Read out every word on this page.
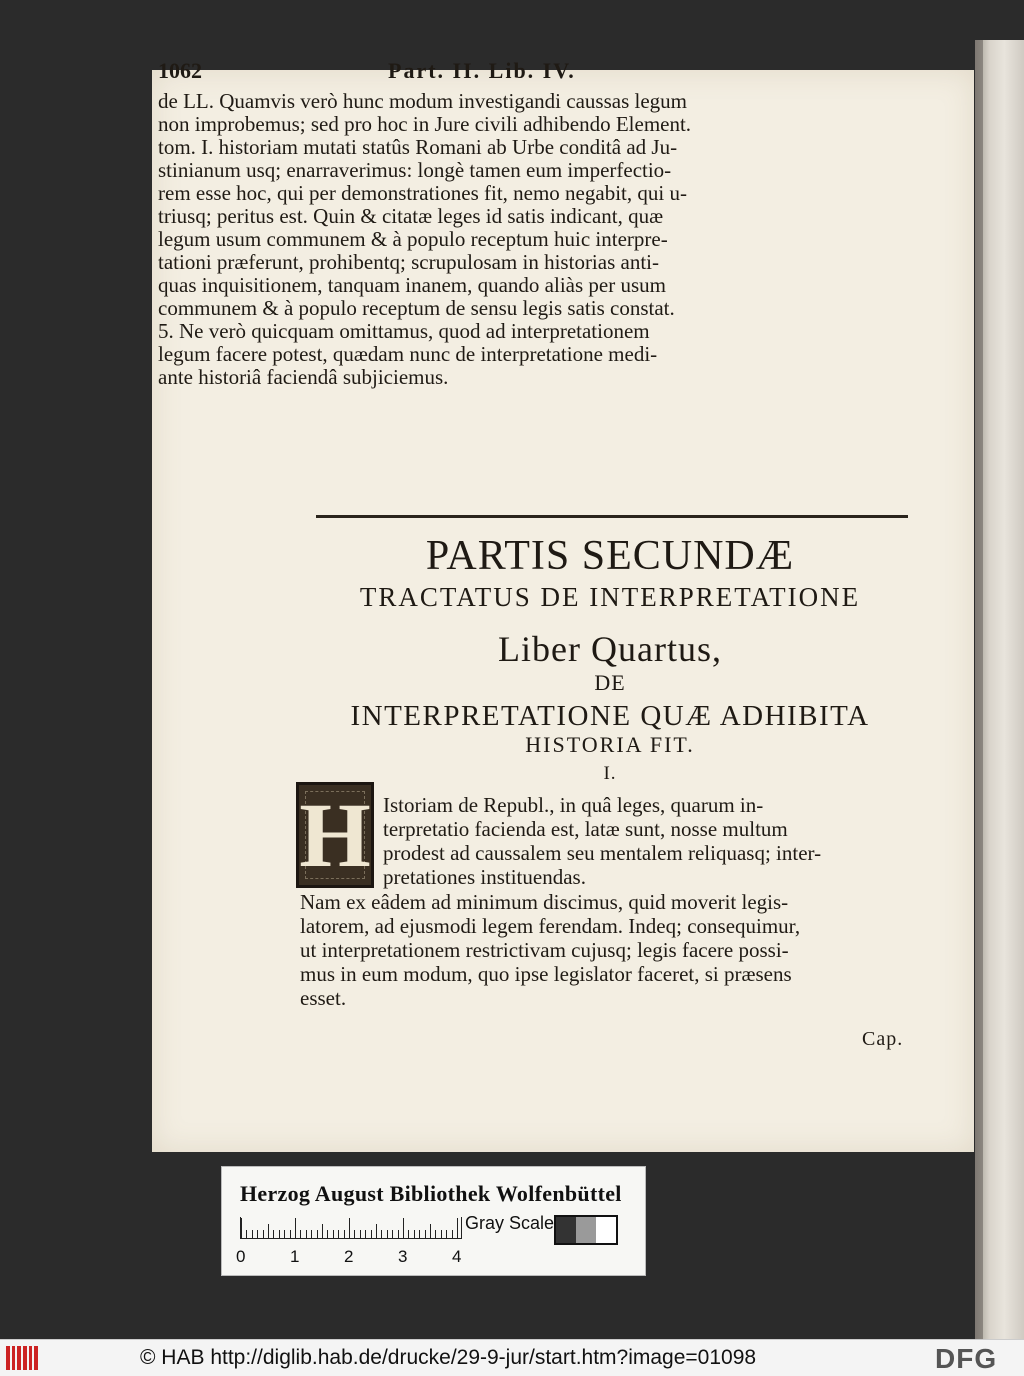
1062	Part. II. Lib. IV.
de LL. Quamvis verò hunc modum investigandi caussas legum
non improbemus; sed pro hoc in Jure civili adhibendo Element.
tom. I. historiam mutati statûs Romani ab Urbe conditâ ad Ju-
stinianum usq; enarraverimus: longè tamen eum imperfectio-
rem esse hoc, qui per demonstrationes fit, nemo negabit, qui u-
triusq; peritus est. Quin & citatæ leges id satis indicant, quæ
legum usum communem & à populo receptum huic interpre-
tationi præferunt, prohibentq; scrupulosam in historias anti-
quas inquisitionem, tanquam inanem, quando aliàs per usum
communem & à populo receptum de sensu legis satis constat.
5. Ne verò quicquam omittamus, quod ad interpretationem
legum facere potest, quædam nunc de interpretatione medi-
ante historiâ faciendâ subjiciemus.
PARTIS SECUNDÆ
TRACTATUS DE INTERPRETATIONE
Liber Quartus,
DE
INTERPRETATIONE QUÆ ADHIBITA
HISTORIA FIT.
I.
H Istoriam de Republ., in quâ leges, quarum in-
terpretatio facienda est, latæ sunt, nosse multum
prodest ad caussalem seu mentalem reliquasq; inter-
pretationes instituendas.
Nam ex eâdem ad minimum discimus, quid moverit legis-
latorem, ad ejusmodi legem ferendam. Indeq; consequimur,
ut interpretationem restrictivam cujusq; legis facere possi-
mus in eum modum, quo ipse legislator faceret, si præsens
esset.
Cap.
Herzog August Bibliothek Wolfenbüttel
0	1	2	3	4
Gray Scale
© HAB http://diglib.hab.de/drucke/29-9-jur/start.htm?image=01098	DFG
